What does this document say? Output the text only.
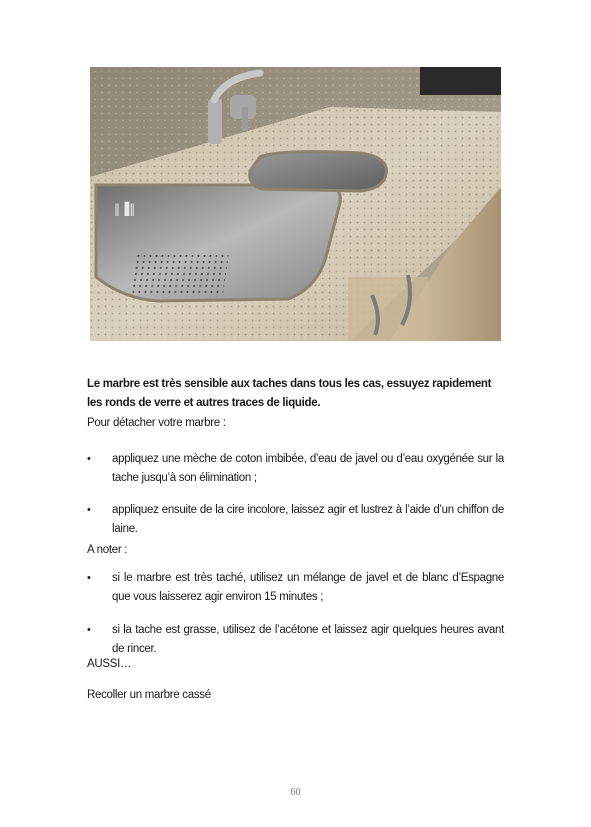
‖▐‖
Le marbre est très sensible aux taches dans tous les cas, essuyez rapidement les ronds de verre et autres traces de liquide.
Pour détacher votre marbre :
• appliquez une mèche de coton imbibée, d’eau de javel ou d’eau oxygénée sur la tache jusqu’à son élimination ;
• appliquez ensuite de la cire incolore, laissez agir et lustrez à l’aide d’un chiffon de laine.
A noter :
• si le marbre est très taché, utilisez un mélange de javel et de blanc d’Espagne que vous laisserez agir environ 15 minutes ;
• si la tache est grasse, utilisez de l’acétone et laissez agir quelques heures avant de rincer.
AUSSI…
Recoller un marbre cassé
60
